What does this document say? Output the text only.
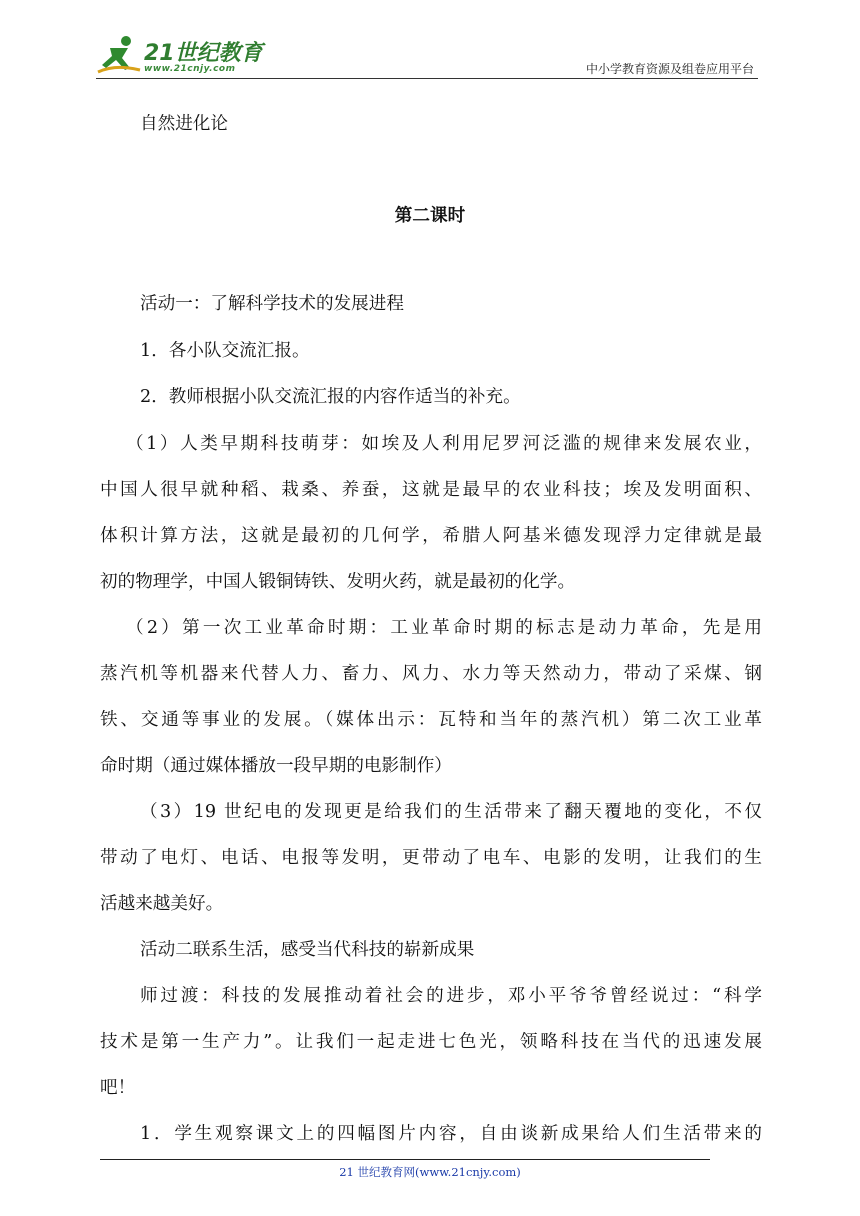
21世纪教育
www.21cnjy.com	中小学教育资源及组卷应用平台
自然进化论
第二课时
活动一：了解科学技术的发展进程
1．各小队交流汇报。
2．教师根据小队交流汇报的内容作适当的补充。
（1）人类早期科技萌芽：如埃及人利用尼罗河泛滥的规律来发展农业，
中国人很早就种稻、栽桑、养蚕，这就是最早的农业科技；埃及发明面积、
体积计算方法，这就是最初的几何学，希腊人阿基米德发现浮力定律就是最
初的物理学，中国人锻铜铸铁、发明火药，就是最初的化学。
（2）第一次工业革命时期：工业革命时期的标志是动力革命，先是用
蒸汽机等机器来代替人力、畜力、风力、水力等天然动力，带动了采煤、钢
铁、交通等事业的发展。（媒体出示：瓦特和当年的蒸汽机）第二次工业革
命时期（通过媒体播放一段早期的电影制作）
（3）19 世纪电的发现更是给我们的生活带来了翻天覆地的变化，不仅
带动了电灯、电话、电报等发明，更带动了电车、电影的发明，让我们的生
活越来越美好。
活动二联系生活，感受当代科技的崭新成果
师过渡：科技的发展推动着社会的进步，邓小平爷爷曾经说过：“科学
技术是第一生产力”。让我们一起走进七色光，领略科技在当代的迅速发展
吧！
1．学生观察课文上的四幅图片内容，自由谈新成果给人们生活带来的
21 世纪教育网(www.21cnjy.com)
